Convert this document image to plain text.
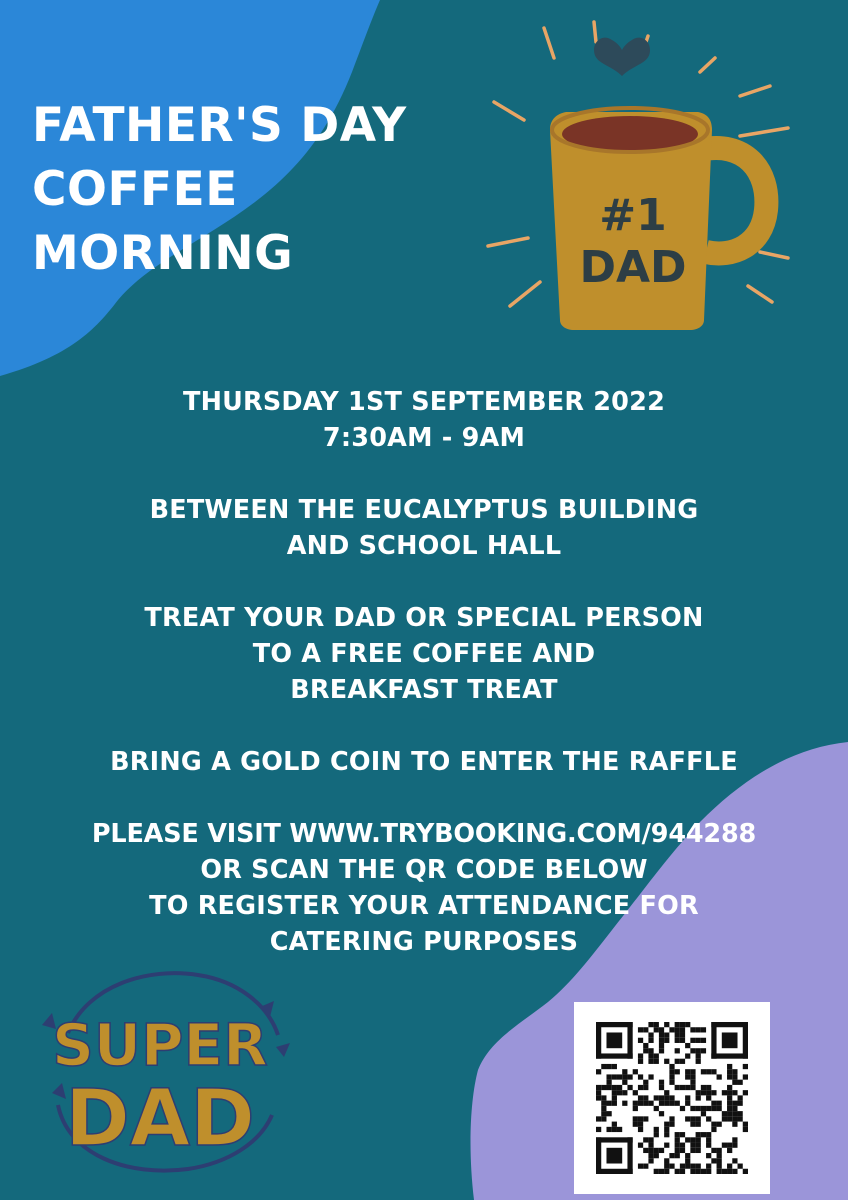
FATHER'S DAY
COFFEE
MORNING
#1
DAD
THURSDAY 1ST SEPTEMBER 2022
7:30AM - 9AM
BETWEEN THE EUCALYPTUS BUILDING
AND SCHOOL HALL
TREAT YOUR DAD OR SPECIAL PERSON
TO A FREE COFFEE AND
BREAKFAST TREAT
BRING A GOLD COIN TO ENTER THE RAFFLE
PLEASE VISIT WWW.TRYBOOKING.COM/944288
OR SCAN THE QR CODE BELOW
TO REGISTER YOUR ATTENDANCE FOR
CATERING PURPOSES
SUPER
DAD
